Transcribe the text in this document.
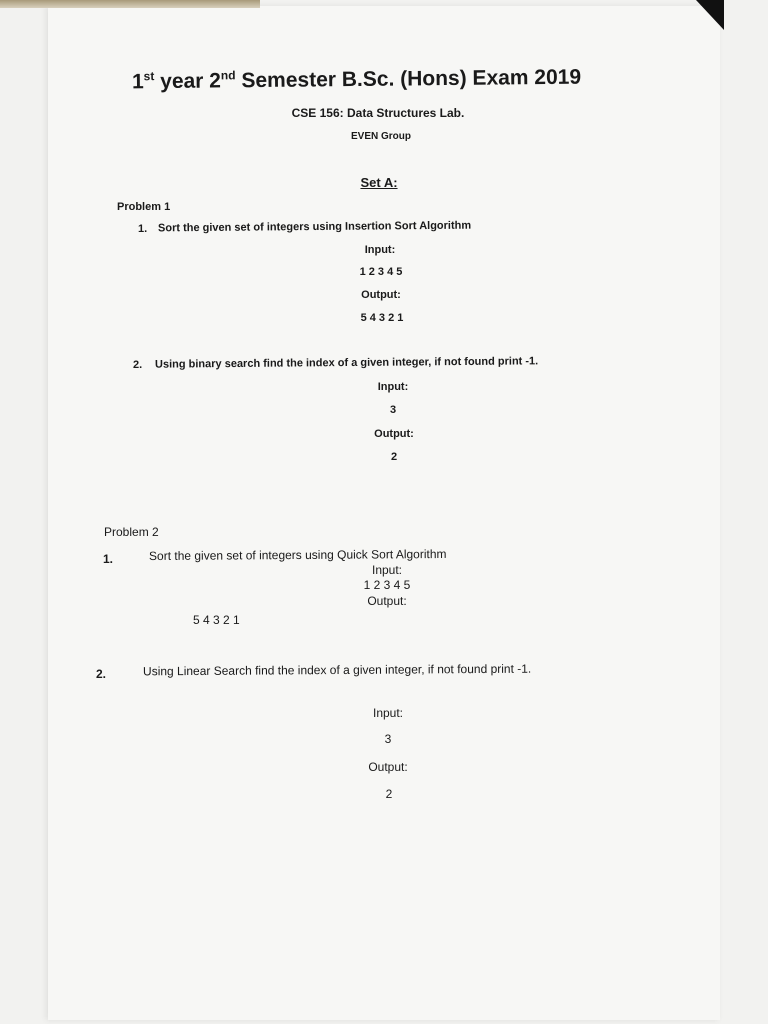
1st year 2nd Semester B.Sc. (Hons) Exam 2019
CSE 156: Data Structures Lab.
EVEN Group
Set A:
Problem 1
1. Sort the given set of integers using Insertion Sort Algorithm
Input:
1 2 3 4 5
Output:
5 4 3 2 1
2. Using binary search find the index of a given integer, if not found print -1.
Input:
3
Output:
2
Problem 2
1.	Sort the given set of integers using Quick Sort Algorithm
Input:
1 2 3 4 5
Output:
5 4 3 2 1
2.	Using Linear Search find the index of a given integer, if not found print -1.
Input:
3
Output:
2
